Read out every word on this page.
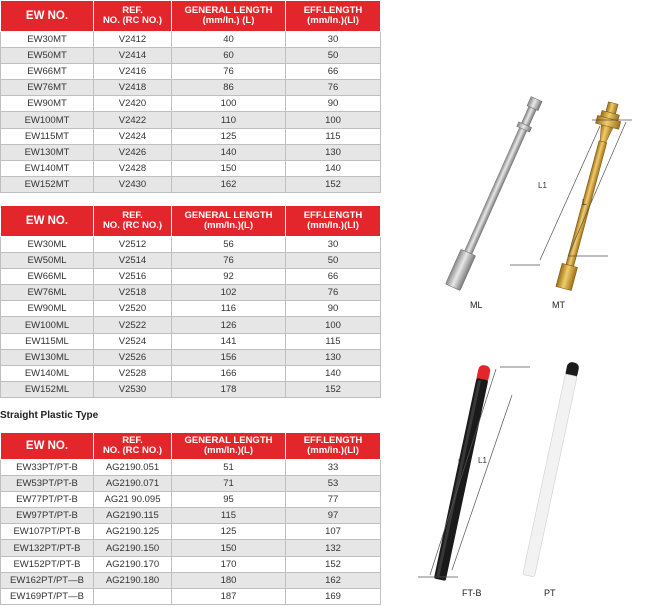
EW NO.	REF.
NO. (RC NO.)	GENERAL LENGTH
(mm/In.) (L)	EFF.LENGTH
(mm/In.)(Ll)
EW30MT	V2412	40	30
EW50MT	V2414	60	50
EW66MT	V2416	76	66
EW76MT	V2418	86	76
EW90MT	V2420	100	90
EW100MT	V2422	110	100
EW115MT	V2424	125	115
EW130MT	V2426	140	130
EW140MT	V2428	150	140
EW152MT	V2430	162	152
EW NO.	REF.
NO. (RC NO.)	GENERAL LENGTH
(mm/In.)(L)	EFF.LENGTH
(mm/In.)(Ll)
EW30ML	V2512	56	30
EW50ML	V2514	76	50
EW66ML	V2516	92	66
EW76ML	V2518	102	76
EW90ML	V2520	116	90
EW100ML	V2522	126	100
EW115ML	V2524	141	115
EW130ML	V2526	156	130
EW140ML	V2528	166	140
EW152ML	V2530	178	152
Straight Plastic Type
EW NO.	REF.
NO. (RC NO.)	GENERAL LENGTH
(mm/In.)(L)	EFF.LENGTH
(mm/in.)(Ll)
EW33PT/PT-B	AG2190.051	51	33
EW53PT/PT-B	AG2190.071	71	53
EW77PT/PT-B	AG21 90.095	95	77
EW97PT/PT-B	AG2190.115	115	97
EW107PT/PT-B	AG2190.125	125	107
EW132PT/PT-B	AG2190.150	150	132
EW152PT/PT-B	AG2190.170	170	152
EW162PT/PT—B	AG2190.180	180	162
EW169PT/PT—B		187	169
L1
L
ML	MT
L L1
FT-B	PT
